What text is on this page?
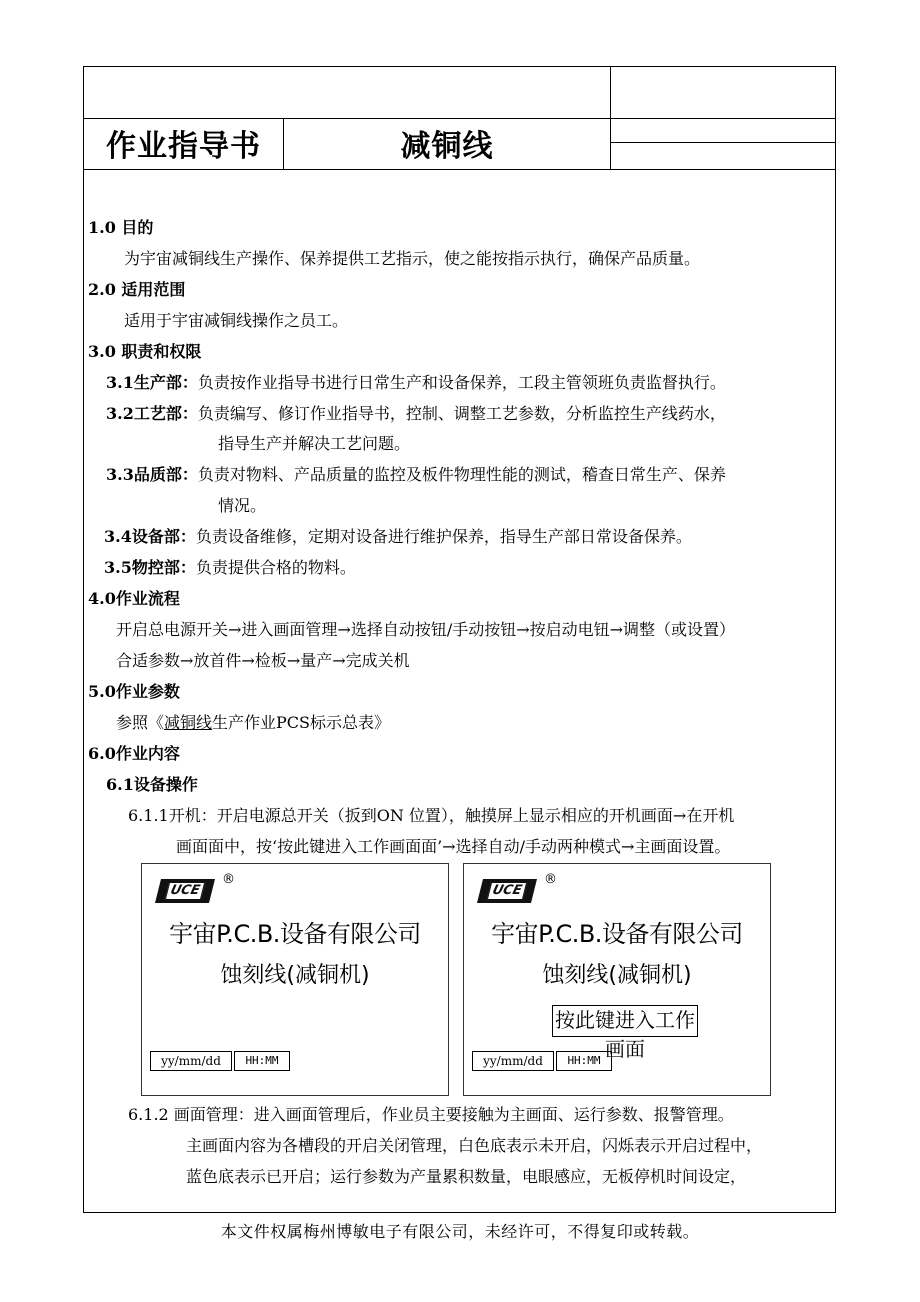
作业指导书	减铜线
1.0 目的
为宇宙减铜线生产操作、保养提供工艺指示，使之能按指示执行，确保产品质量。
2.0 适用范围
适用于宇宙减铜线操作之员工。
3.0 职责和权限
3.1生产部：负责按作业指导书进行日常生产和设备保养，工段主管领班负责监督执行。
3.2工艺部：负责编写、修订作业指导书，控制、调整工艺参数，分析监控生产线药水，
指导生产并解决工艺问题。
3.3品质部：负责对物料、产品质量的监控及板件物理性能的测试，稽查日常生产、保养
情况。
3.4设备部：负责设备维修，定期对设备进行维护保养，指导生产部日常设备保养。
3.5物控部：负责提供合格的物料。
4.0作业流程
开启总电源开关→进入画面管理→选择自动按钮/手动按钮→按启动电钮→调整（或设置）
合适参数→放首件→检板→量产→完成关机
5.0作业参数
参照《减铜线生产作业PCS标示总表》
6.0作业内容
6.1设备操作
6.1.1开机：开启电源总开关（扳到ON 位置），触摸屏上显示相应的开机画面→在开机
画面面中，按‘按此键进入工作画面面’→选择自动/手动两种模式→主画面设置。
UCE
®
宇宙P.C.B.设备有限公司
蚀刻线(减铜机)
yy/mm/dd	HH:MM
UCE
®
宇宙P.C.B.设备有限公司
蚀刻线(减铜机)
按此键进入工作画面
yy/mm/dd	HH:MM
6.1.2 画面管理：进入画面管理后，作业员主要接触为主画面、运行参数、报警管理。
主画面内容为各槽段的开启关闭管理，白色底表示未开启，闪烁表示开启过程中，
蓝色底表示已开启；运行参数为产量累积数量，电眼感应，无板停机时间设定，
本文件权属梅州博敏电子有限公司，未经许可，不得复印或转载。
